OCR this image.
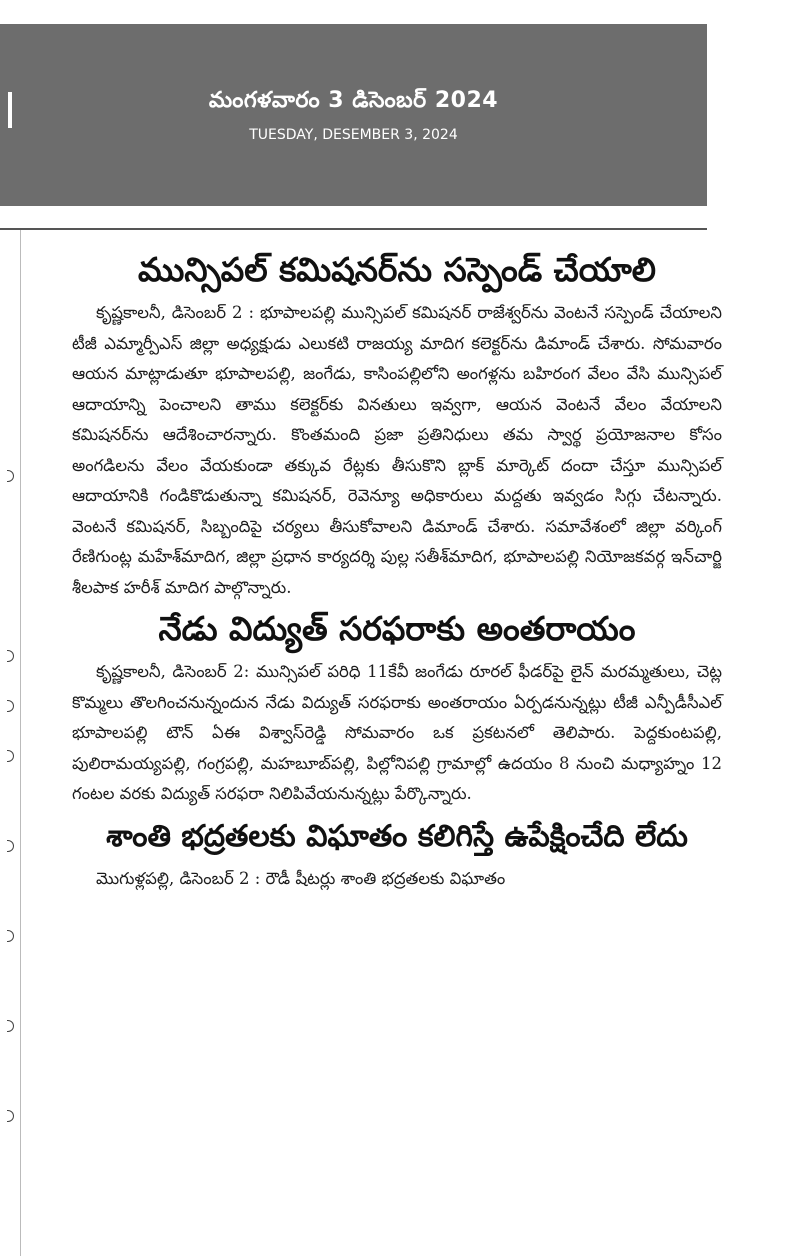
మంగళవారం 3 డిసెంబర్ 2024
TUESDAY, DESEMBER 3, 2024
మున్సిపల్ కమిషనర్‌ను సస్పెండ్ చేయాలి

కృష్ణకాలనీ, డిసెంబర్ 2 : భూపాలపల్లి మున్సిపల్ కమిషనర్ రాజేశ్వర్‌ను వెంటనే సస్పెండ్ చేయాలని టీజీ ఎమ్మార్పీఎస్ జిల్లా అధ్యక్షుడు ఎలుకటి రాజయ్య మాదిగ కలెక్టర్‌ను డిమాండ్ చేశారు. సోమవారం ఆయన మాట్లాడుతూ భూపాలపల్లి, జంగేడు, కాసింపల్లిలోని అంగళ్లను బహిరంగ వేలం వేసి మున్సిపల్ ఆదాయాన్ని పెంచాలని తాము కలెక్టర్‌కు వినతులు ఇవ్వగా, ఆయన వెంటనే వేలం వేయాలని కమిషనర్‌ను ఆదేశించారన్నారు. కొంతమంది ప్రజా ప్రతినిధులు తమ స్వార్థ ప్రయోజనాల కోసం అంగడిలను వేలం వేయకుండా తక్కువ రేట్లకు తీసుకొని బ్లాక్ మార్కెట్ దందా చేస్తూ మున్సిపల్ ఆదాయానికి గండికొడుతున్నా కమిషనర్, రెవెన్యూ అధికారులు మద్దతు ఇవ్వడం సిగ్గు చేటన్నారు. వెంటనే కమిషనర్, సిబ్బందిపై చర్యలు తీసుకోవాలని డిమాండ్ చేశారు. సమావేశంలో జిల్లా వర్కింగ్ రేణిగుంట్ల మహేశ్‌మాదిగ, జిల్లా ప్రధాన కార్యదర్శి పుల్ల సతీశ్‌మాదిగ, భూపాలపల్లి నియోజకవర్గ ఇన్‌చార్జి శీలపాక హరీశ్ మాదిగ పాల్గొన్నారు.

నేడు విద్యుత్ సరఫరాకు అంతరాయం

కృష్ణకాలనీ, డిసెంబర్ 2: మున్సిపల్ పరిధి 11కేవీ జంగేడు రూరల్ ఫీడర్‌పై లైన్ మరమ్మతులు, చెట్ల కొమ్మలు తొలగించనున్నందున నేడు విద్యుత్ సరఫరాకు అంతరాయం ఏర్పడనున్నట్లు టీజీ ఎన్పీడీసీఎల్ భూపాలపల్లి టౌన్ ఏఈ విశ్వాస్‌రెడ్డి సోమవారం ఒక ప్రకటనలో తెలిపారు. పెద్దకుంటపల్లి, పులిరామయ్యపల్లి, గంగ్రపల్లి, మహబూబ్‌పల్లి, పిల్లోనిపల్లి గ్రామాల్లో ఉదయం 8 నుంచి మధ్యాహ్నం 12 గంటల వరకు విద్యుత్ సరఫరా నిలిపివేయనున్నట్లు పేర్కొన్నారు.

శాంతి భద్రతలకు విఘాతం కలిగిస్తే ఉపేక్షించేది లేదు

మొగుళ్లపల్లి, డిసెంబర్ 2 : రౌడీ షీటర్లు శాంతి భద్రతలకు విఘాతం
